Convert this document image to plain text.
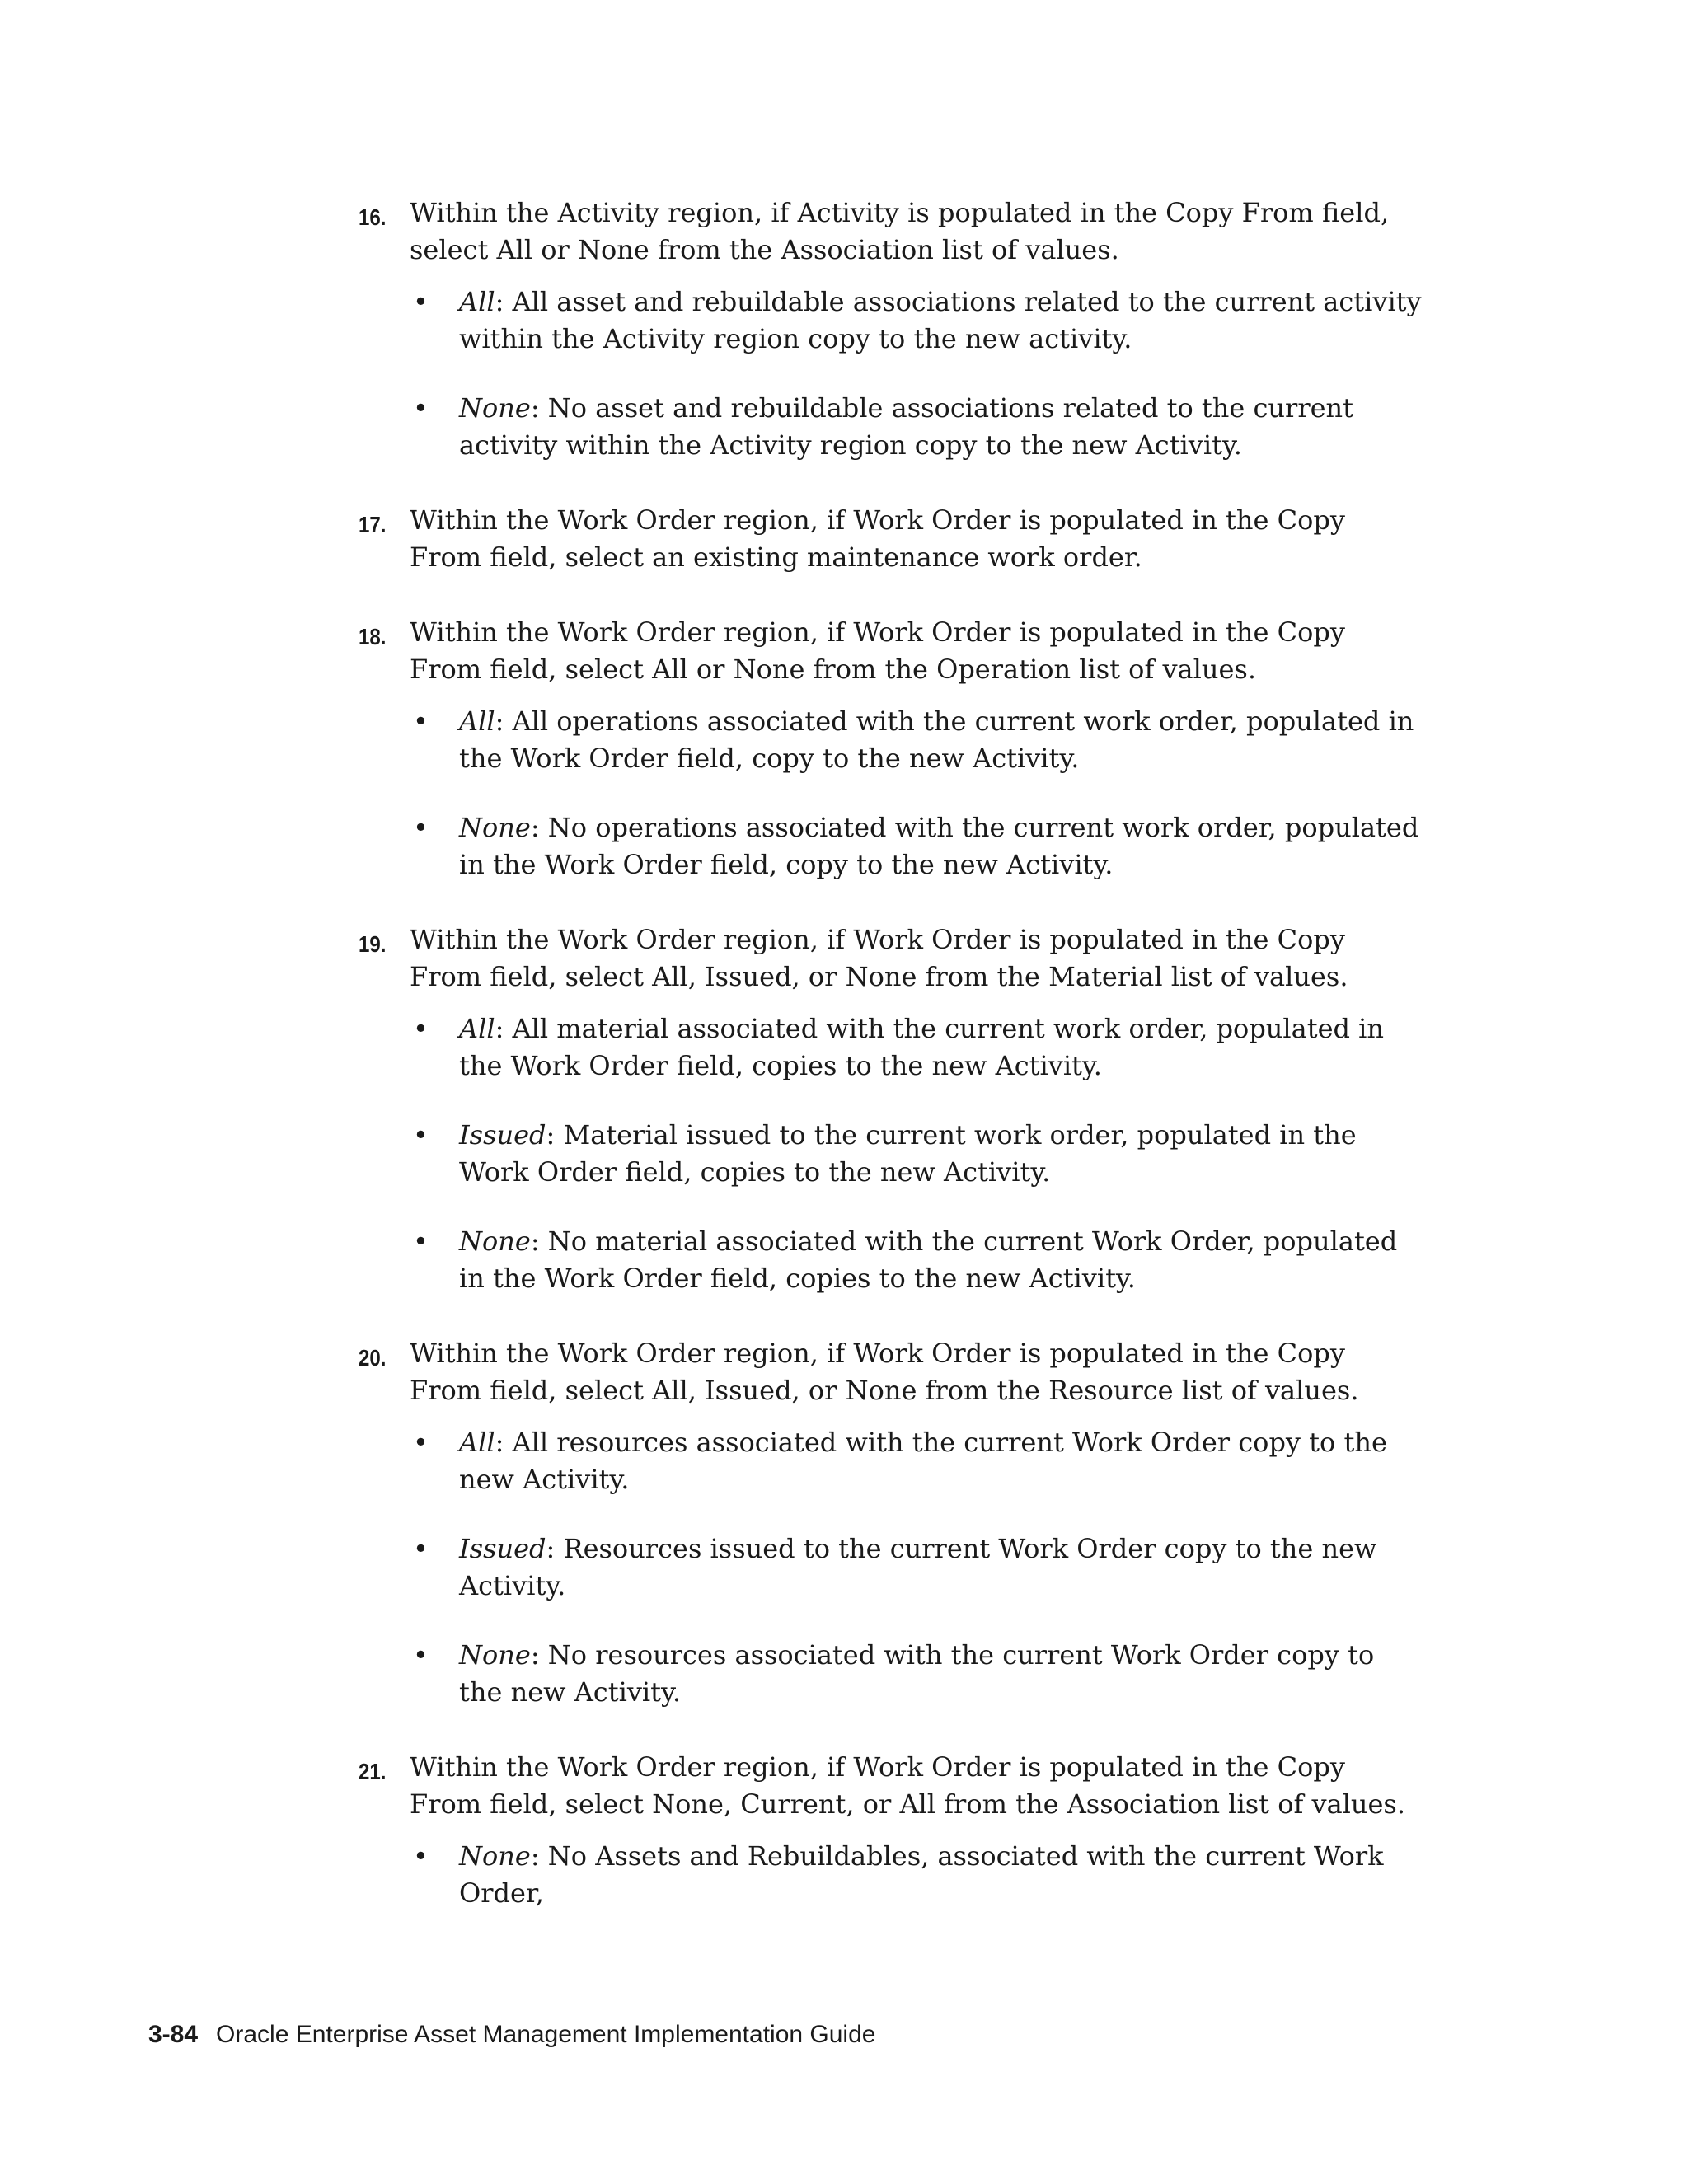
16. Within the Activity region, if Activity is populated in the Copy From field, select All or None from the Association list of values.

• All: All asset and rebuildable associations related to the current activity within the Activity region copy to the new activity.
• None: No asset and rebuildable associations related to the current activity within the Activity region copy to the new Activity.
17. Within the Work Order region, if Work Order is populated in the Copy From field, select an existing maintenance work order.

18. Within the Work Order region, if Work Order is populated in the Copy From field, select All or None from the Operation list of values.

• All: All operations associated with the current work order, populated in the Work Order field, copy to the new Activity.
• None: No operations associated with the current work order, populated in the Work Order field, copy to the new Activity.
19. Within the Work Order region, if Work Order is populated in the Copy From field, select All, Issued, or None from the Material list of values.

• All: All material associated with the current work order, populated in the Work Order field, copies to the new Activity.
• Issued: Material issued to the current work order, populated in the Work Order field, copies to the new Activity.
• None: No material associated with the current Work Order, populated in the Work Order field, copies to the new Activity.
20. Within the Work Order region, if Work Order is populated in the Copy From field, select All, Issued, or None from the Resource list of values.

• All: All resources associated with the current Work Order copy to the new Activity.
• Issued: Resources issued to the current Work Order copy to the new Activity.
• None: No resources associated with the current Work Order copy to the new Activity.
21. Within the Work Order region, if Work Order is populated in the Copy From field, select None, Current, or All from the Association list of values.

• None: No Assets and Rebuildables, associated with the current Work Order,
3-84 Oracle Enterprise Asset Management Implementation Guide
